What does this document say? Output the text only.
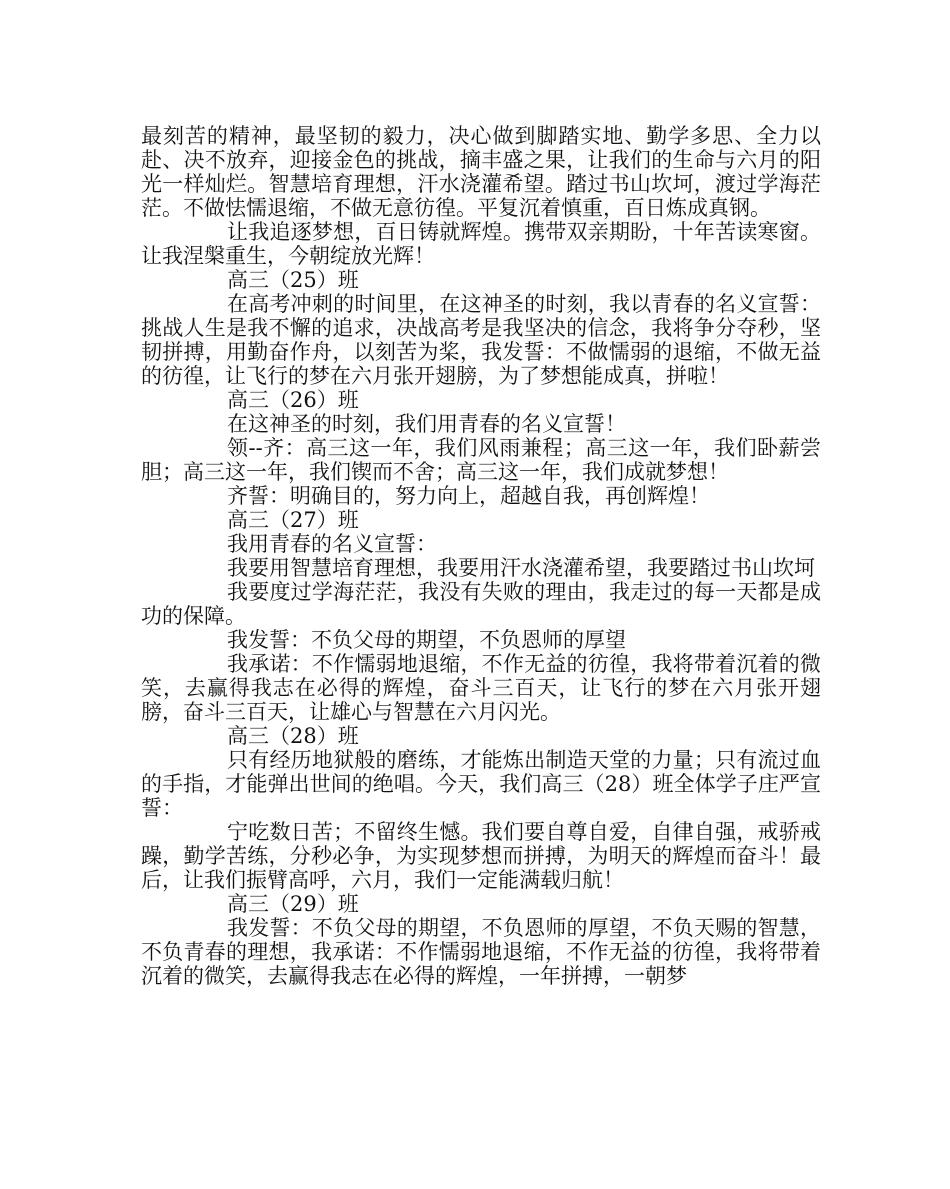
最刻苦的精神，最坚韧的毅力，决心做到脚踏实地、勤学多思、全力以赴、决不放弃，迎接金色的挑战，摘丰盛之果，让我们的生命与六月的阳光一样灿烂。智慧培育理想，汗水浇灌希望。踏过书山坎坷，渡过学海茫茫。不做怯懦退缩，不做无意彷徨。平复沉着慎重，百日炼成真钢。

让我追逐梦想，百日铸就辉煌。携带双亲期盼，十年苦读寒窗。让我涅槃重生，今朝绽放光辉！

高三（25）班

在高考冲刺的时间里，在这神圣的时刻，我以青春的名义宣誓：挑战人生是我不懈的追求，决战高考是我坚决的信念，我将争分夺秒，坚韧拼搏，用勤奋作舟，以刻苦为桨，我发誓：不做懦弱的退缩，不做无益的彷徨，让飞行的梦在六月张开翅膀，为了梦想能成真，拼啦！

高三（26）班

在这神圣的时刻，我们用青春的名义宣誓！

领--齐：高三这一年，我们风雨兼程；高三这一年，我们卧薪尝胆；高三这一年，我们锲而不舍；高三这一年，我们成就梦想！

齐誓：明确目的，努力向上，超越自我，再创辉煌！

高三（27）班

我用青春的名义宣誓：

我要用智慧培育理想，我要用汗水浇灌希望，我要踏过书山坎坷

我要度过学海茫茫，我没有失败的理由，我走过的每一天都是成功的保障。

我发誓：不负父母的期望，不负恩师的厚望

我承诺：不作懦弱地退缩，不作无益的彷徨，我将带着沉着的微笑，去赢得我志在必得的辉煌，奋斗三百天，让飞行的梦在六月张开翅膀，奋斗三百天，让雄心与智慧在六月闪光。

高三（28）班

只有经历地狱般的磨练，才能炼出制造天堂的力量；只有流过血的手指，才能弹出世间的绝唱。今天，我们高三（28）班全体学子庄严宣誓：

宁吃数日苦；不留终生憾。我们要自尊自爱，自律自强，戒骄戒躁，勤学苦练，分秒必争，为实现梦想而拼搏，为明天的辉煌而奋斗！最后，让我们振臂高呼，六月，我们一定能满载归航！

高三（29）班

我发誓：不负父母的期望，不负恩师的厚望，不负天赐的智慧，不负青春的理想，我承诺：不作懦弱地退缩，不作无益的彷徨，我将带着沉着的微笑，去赢得我志在必得的辉煌，一年拼搏，一朝梦
